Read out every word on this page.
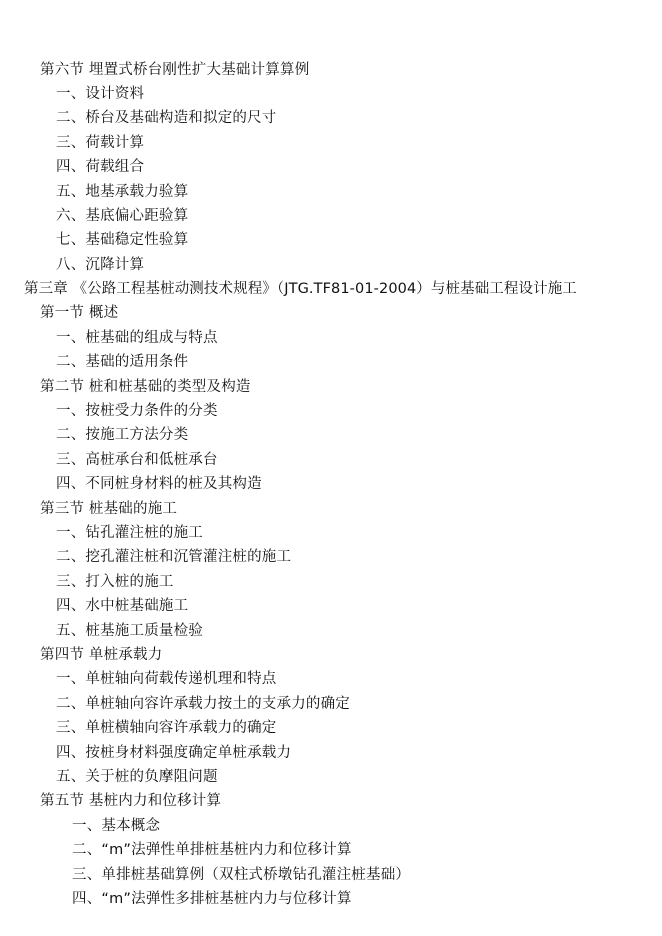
第六节 埋置式桥台刚性扩大基础计算算例
一、设计资料
二、桥台及基础构造和拟定的尺寸
三、荷载计算
四、荷载组合
五、地基承载力验算
六、基底偏心距验算
七、基础稳定性验算
八、沉降计算
第三章 《公路工程基桩动测技术规程》（JTG.TF81-01-2004）与桩基础工程设计施工
第一节 概述
一、桩基础的组成与特点
二、基础的适用条件
第二节 桩和桩基础的类型及构造
一、按桩受力条件的分类
二、按施工方法分类
三、高桩承台和低桩承台
四、不同桩身材料的桩及其构造
第三节 桩基础的施工
一、钻孔灌注桩的施工
二、挖孔灌注桩和沉管灌注桩的施工
三、打入桩的施工
四、水中桩基础施工
五、桩基施工质量检验
第四节 单桩承载力
一、单桩轴向荷载传递机理和特点
二、单桩轴向容许承载力按土的支承力的确定
三、单桩横轴向容许承载力的确定
四、按桩身材料强度确定单桩承载力
五、关于桩的负摩阻问题
第五节 基桩内力和位移计算
一、基本概念
二、“m”法弹性单排桩基桩内力和位移计算
三、单排桩基础算例（双柱式桥墩钻孔灌注桩基础）
四、“m”法弹性多排桩基桩内力与位移计算
